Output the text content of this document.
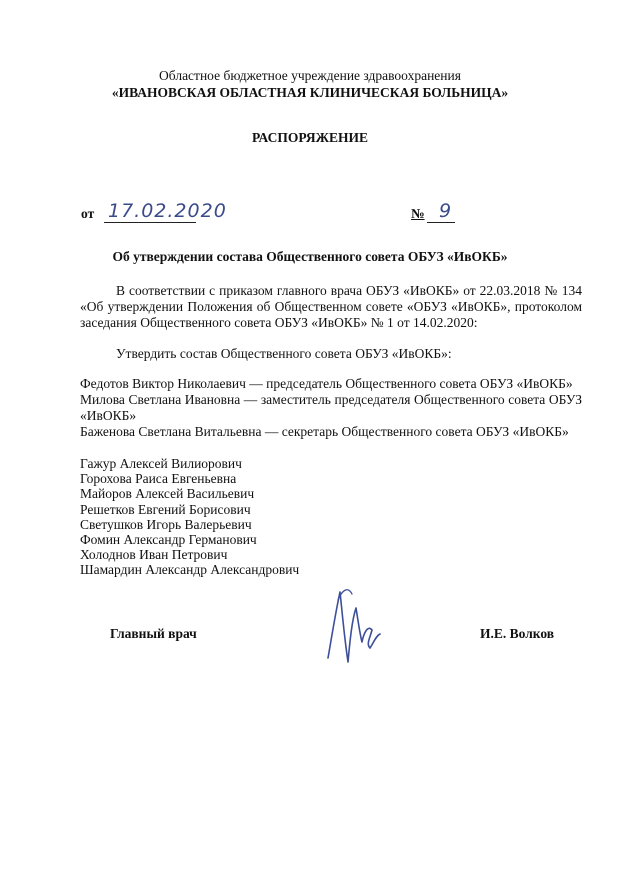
Областное бюджетное учреждение здравоохранения
«ИВАНОВСКАЯ ОБЛАСТНАЯ КЛИНИЧЕСКАЯ БОЛЬНИЦА»
РАСПОРЯЖЕНИЕ
от 17.02.2020	№ 9
Об утверждении состава Общественного совета ОБУЗ «ИвОКБ»
В соответствии с приказом главного врача ОБУЗ «ИвОКБ» от 22.03.2018 № 134 «Об утверждении Положения об Общественном совете «ОБУЗ «ИвОКБ», протоколом заседания Общественного совета ОБУЗ «ИвОКБ» № 1 от 14.02.2020:
Утвердить состав Общественного совета ОБУЗ «ИвОКБ»:
Федотов Виктор Николаевич — председатель Общественного совета ОБУЗ «ИвОКБ»
Милова Светлана Ивановна — заместитель председателя Общественного совета ОБУЗ «ИвОКБ»
Баженова Светлана Витальевна — секретарь Общественного совета ОБУЗ «ИвОКБ»
Гажур Алексей Вилиорович
Горохова Раиса Евгеньевна
Майоров Алексей Васильевич
Решетков Евгений Борисович
Светушков Игорь Валерьевич
Фомин Александр Германович
Холоднов Иван Петрович
Шамардин Александр Александрович
Главный врач	И.Е. Волков
